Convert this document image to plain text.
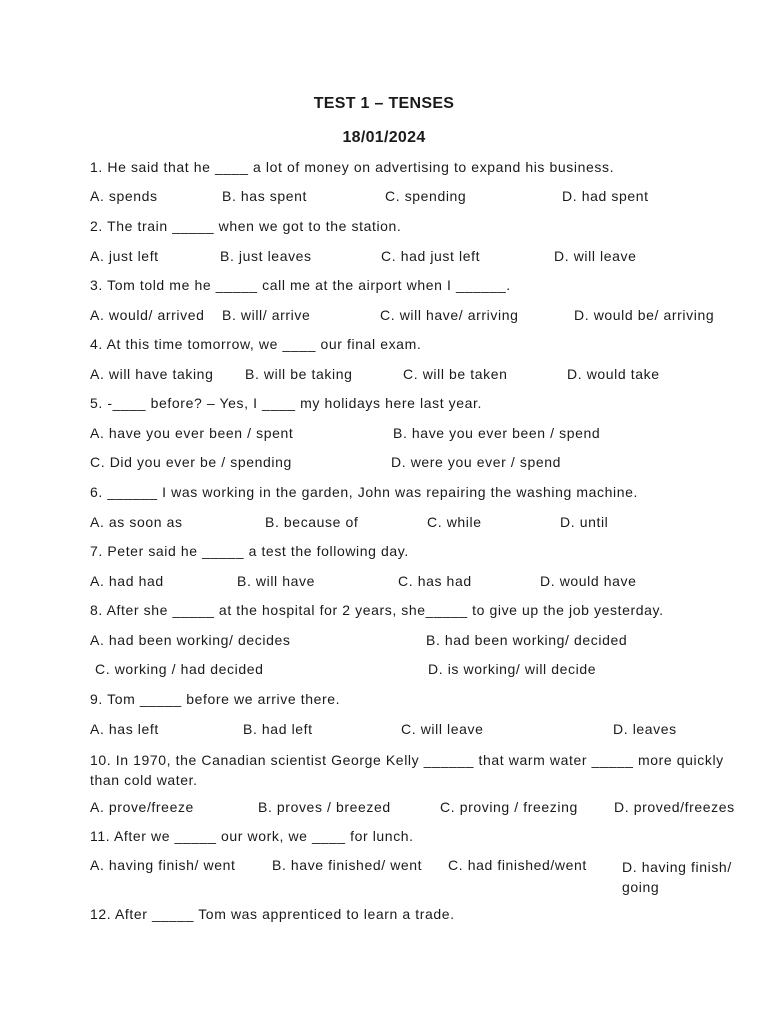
TEST 1 – TENSES
18/01/2024
1. He said that he ____ a lot of money on advertising to expand his business.
A. spends	B. has spent	C. spending	D. had spent
2. The train _____ when we got to the station.
A. just left	B. just leaves	C. had just left	D. will leave
3. Tom told me he _____ call me at the airport when I ______.
A. would/ arrived B. will/ arrive	C. will have/ arriving	D. would be/ arriving
4. At this time tomorrow, we ____ our final exam.
A. will have taking B. will be taking	C. will be taken	D. would take
5. -____ before? – Yes, I ____ my holidays here last year.
A. have you ever been / spent	B. have you ever been / spend
C. Did you ever be / spending	D. were you ever / spend
6. ______ I was working in the garden, John was repairing the washing machine.
A. as soon as	B. because of	C. while	D. until
7. Peter said he _____ a test the following day.
A. had had	B. will have	C. has had	D. would have
8. After she _____ at the hospital for 2 years, she_____ to give up the job yesterday.
A. had been working/ decides	B. had been working/ decided
C. working / had decided	D. is working/ will decide
9. Tom _____ before we arrive there.
A. has left	B. had left	C. will leave	D. leaves
10. In 1970, the Canadian scientist George Kelly ______ that warm water _____ more quickly than cold water.
A. prove/freeze	B. proves / breezed	C. proving / freezing	D. proved/freezes
11. After we _____ our work, we ____ for lunch.
A. having finish/ went	B. have finished/ went C. had finished/went	D. having finish/ going
12. After _____ Tom was apprenticed to learn a trade.
